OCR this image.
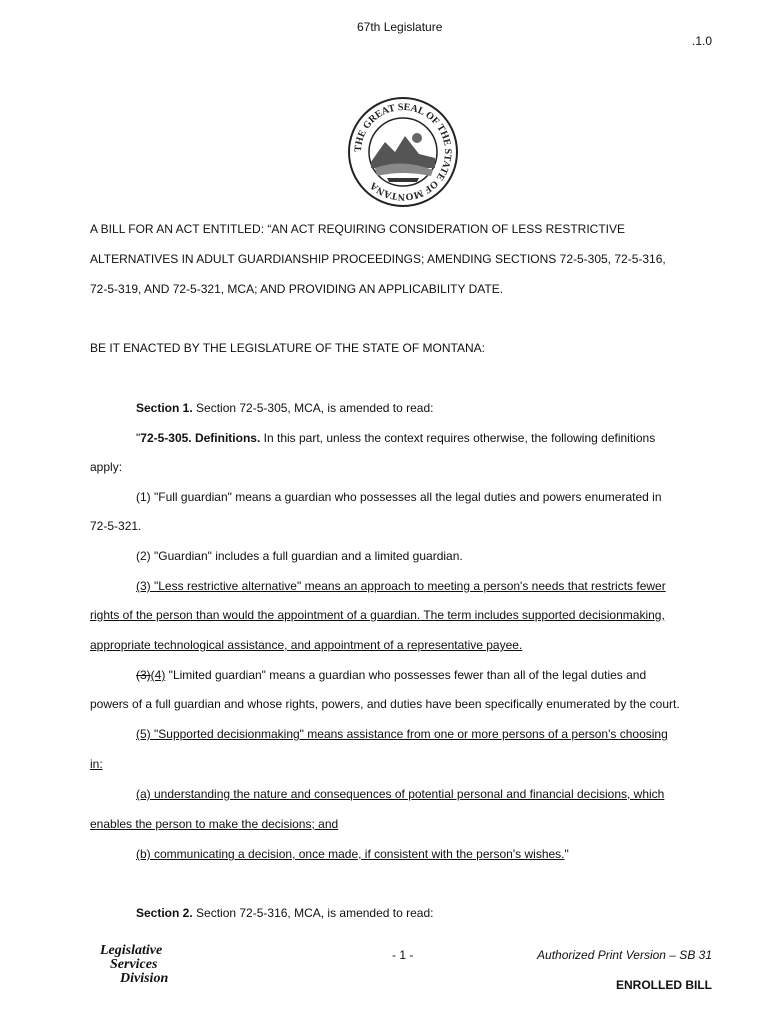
67th Legislature
.1.0
THE GREAT SEAL OF THE STATE OF MONTANA
A BILL FOR AN ACT ENTITLED: “AN ACT REQUIRING CONSIDERATION OF LESS RESTRICTIVE
ALTERNATIVES IN ADULT GUARDIANSHIP PROCEEDINGS; AMENDING SECTIONS 72-5-305, 72-5-316,
72-5-319, AND 72-5-321, MCA; AND PROVIDING AN APPLICABILITY DATE.
BE IT ENACTED BY THE LEGISLATURE OF THE STATE OF MONTANA:
Section 1. Section 72-5-305, MCA, is amended to read:
"72-5-305. Definitions. In this part, unless the context requires otherwise, the following definitions
apply:
(1) "Full guardian" means a guardian who possesses all the legal duties and powers enumerated in
72-5-321.
(2) "Guardian" includes a full guardian and a limited guardian.
(3) "Less restrictive alternative" means an approach to meeting a person's needs that restricts fewer
rights of the person than would the appointment of a guardian. The term includes supported decisionmaking,
appropriate technological assistance, and appointment of a representative payee.
(3)(4) "Limited guardian" means a guardian who possesses fewer than all of the legal duties and
powers of a full guardian and whose rights, powers, and duties have been specifically enumerated by the court.
(5) "Supported decisionmaking" means assistance from one or more persons of a person's choosing
in:
(a) understanding the nature and consequences of potential personal and financial decisions, which
enables the person to make the decisions; and
(b) communicating a decision, once made, if consistent with the person's wishes."
Section 2. Section 72-5-316, MCA, is amended to read:
- 1 -	Authorized Print Version – SB 31
ENROLLED BILL
Legislative
Services
Division
